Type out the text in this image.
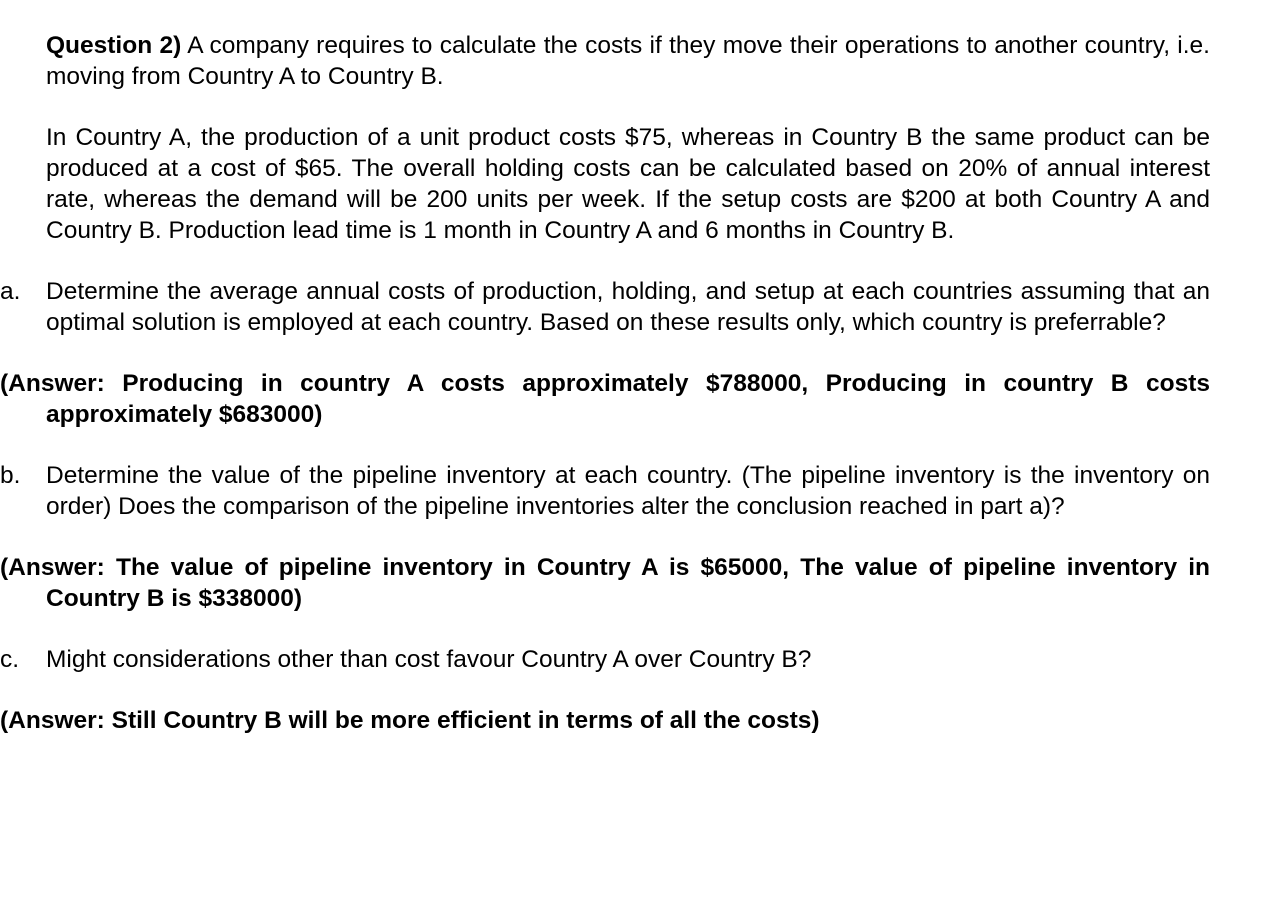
Question 2) A company requires to calculate the costs if they move their operations to another country, i.e. moving from Country A to Country B.
In Country A, the production of a unit product costs $75, whereas in Country B the same product can be produced at a cost of $65. The overall holding costs can be calculated based on 20% of annual interest rate, whereas the demand will be 200 units per week. If the setup costs are $200 at both Country A and Country B. Production lead time is 1 month in Country A and 6 months in Country B.
a. Determine the average annual costs of production, holding, and setup at each countries assuming that an optimal solution is employed at each country. Based on these results only, which country is preferrable?
(Answer: Producing in country A costs approximately $788000, Producing in country B costs approximately $683000)
b. Determine the value of the pipeline inventory at each country. (The pipeline inventory is the inventory on order) Does the comparison of the pipeline inventories alter the conclusion reached in part a)?
(Answer: The value of pipeline inventory in Country A is $65000, The value of pipeline inventory in Country B is $338000)
c. Might considerations other than cost favour Country A over Country B?
(Answer: Still Country B will be more efficient in terms of all the costs)
